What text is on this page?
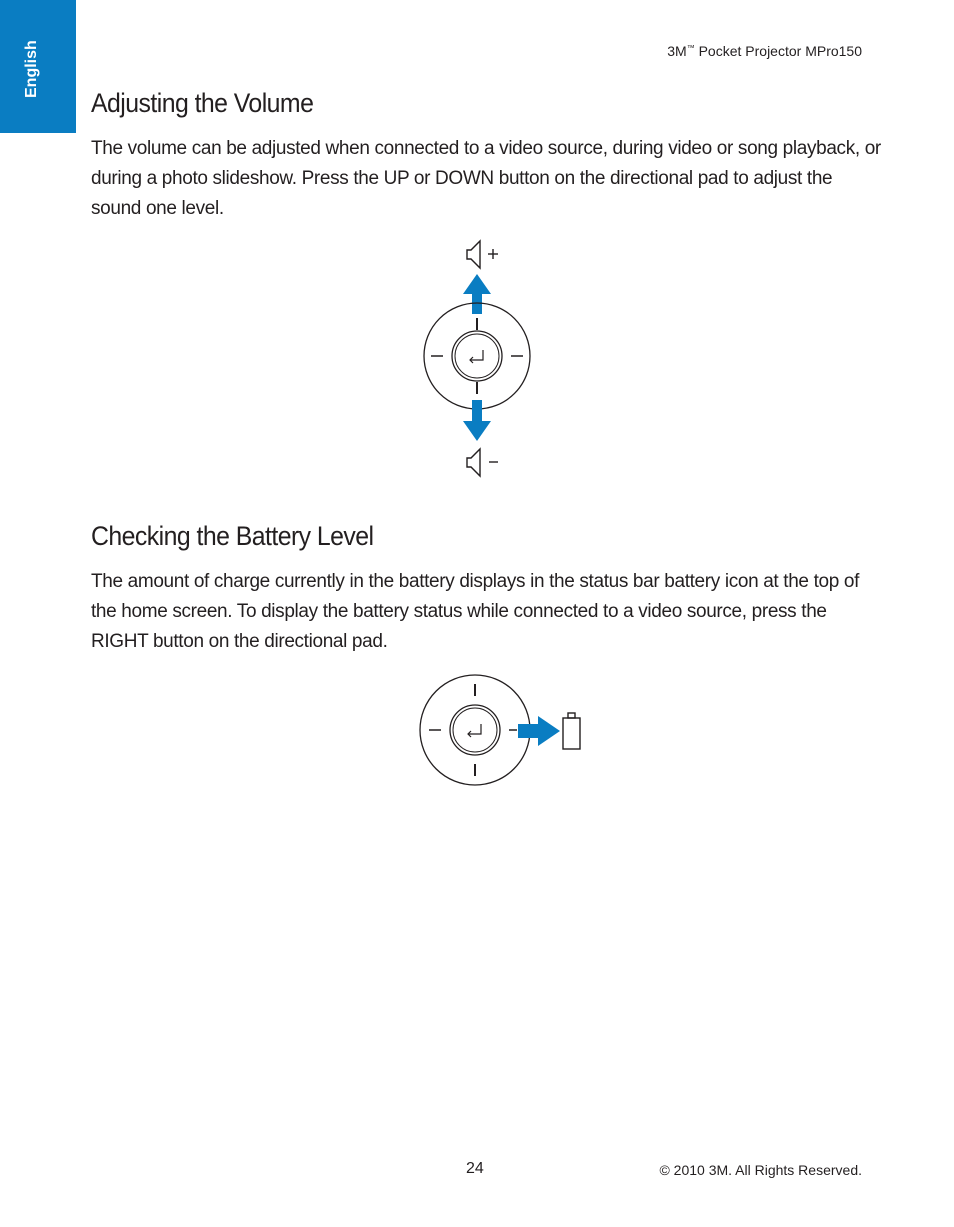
English	3M™ Pocket Projector MPro150
Adjusting the Volume

The volume can be adjusted when connected to a video source, during video or song playback, or during a photo slideshow. Press the UP or DOWN button on the directional pad to adjust the sound one level.

Checking the Battery Level

The amount of charge currently in the battery displays in the status bar battery icon at the top of the home screen. To display the battery status while connected to a video source, press the RIGHT button on the directional pad.

24	© 2010 3M. All Rights Reserved.
